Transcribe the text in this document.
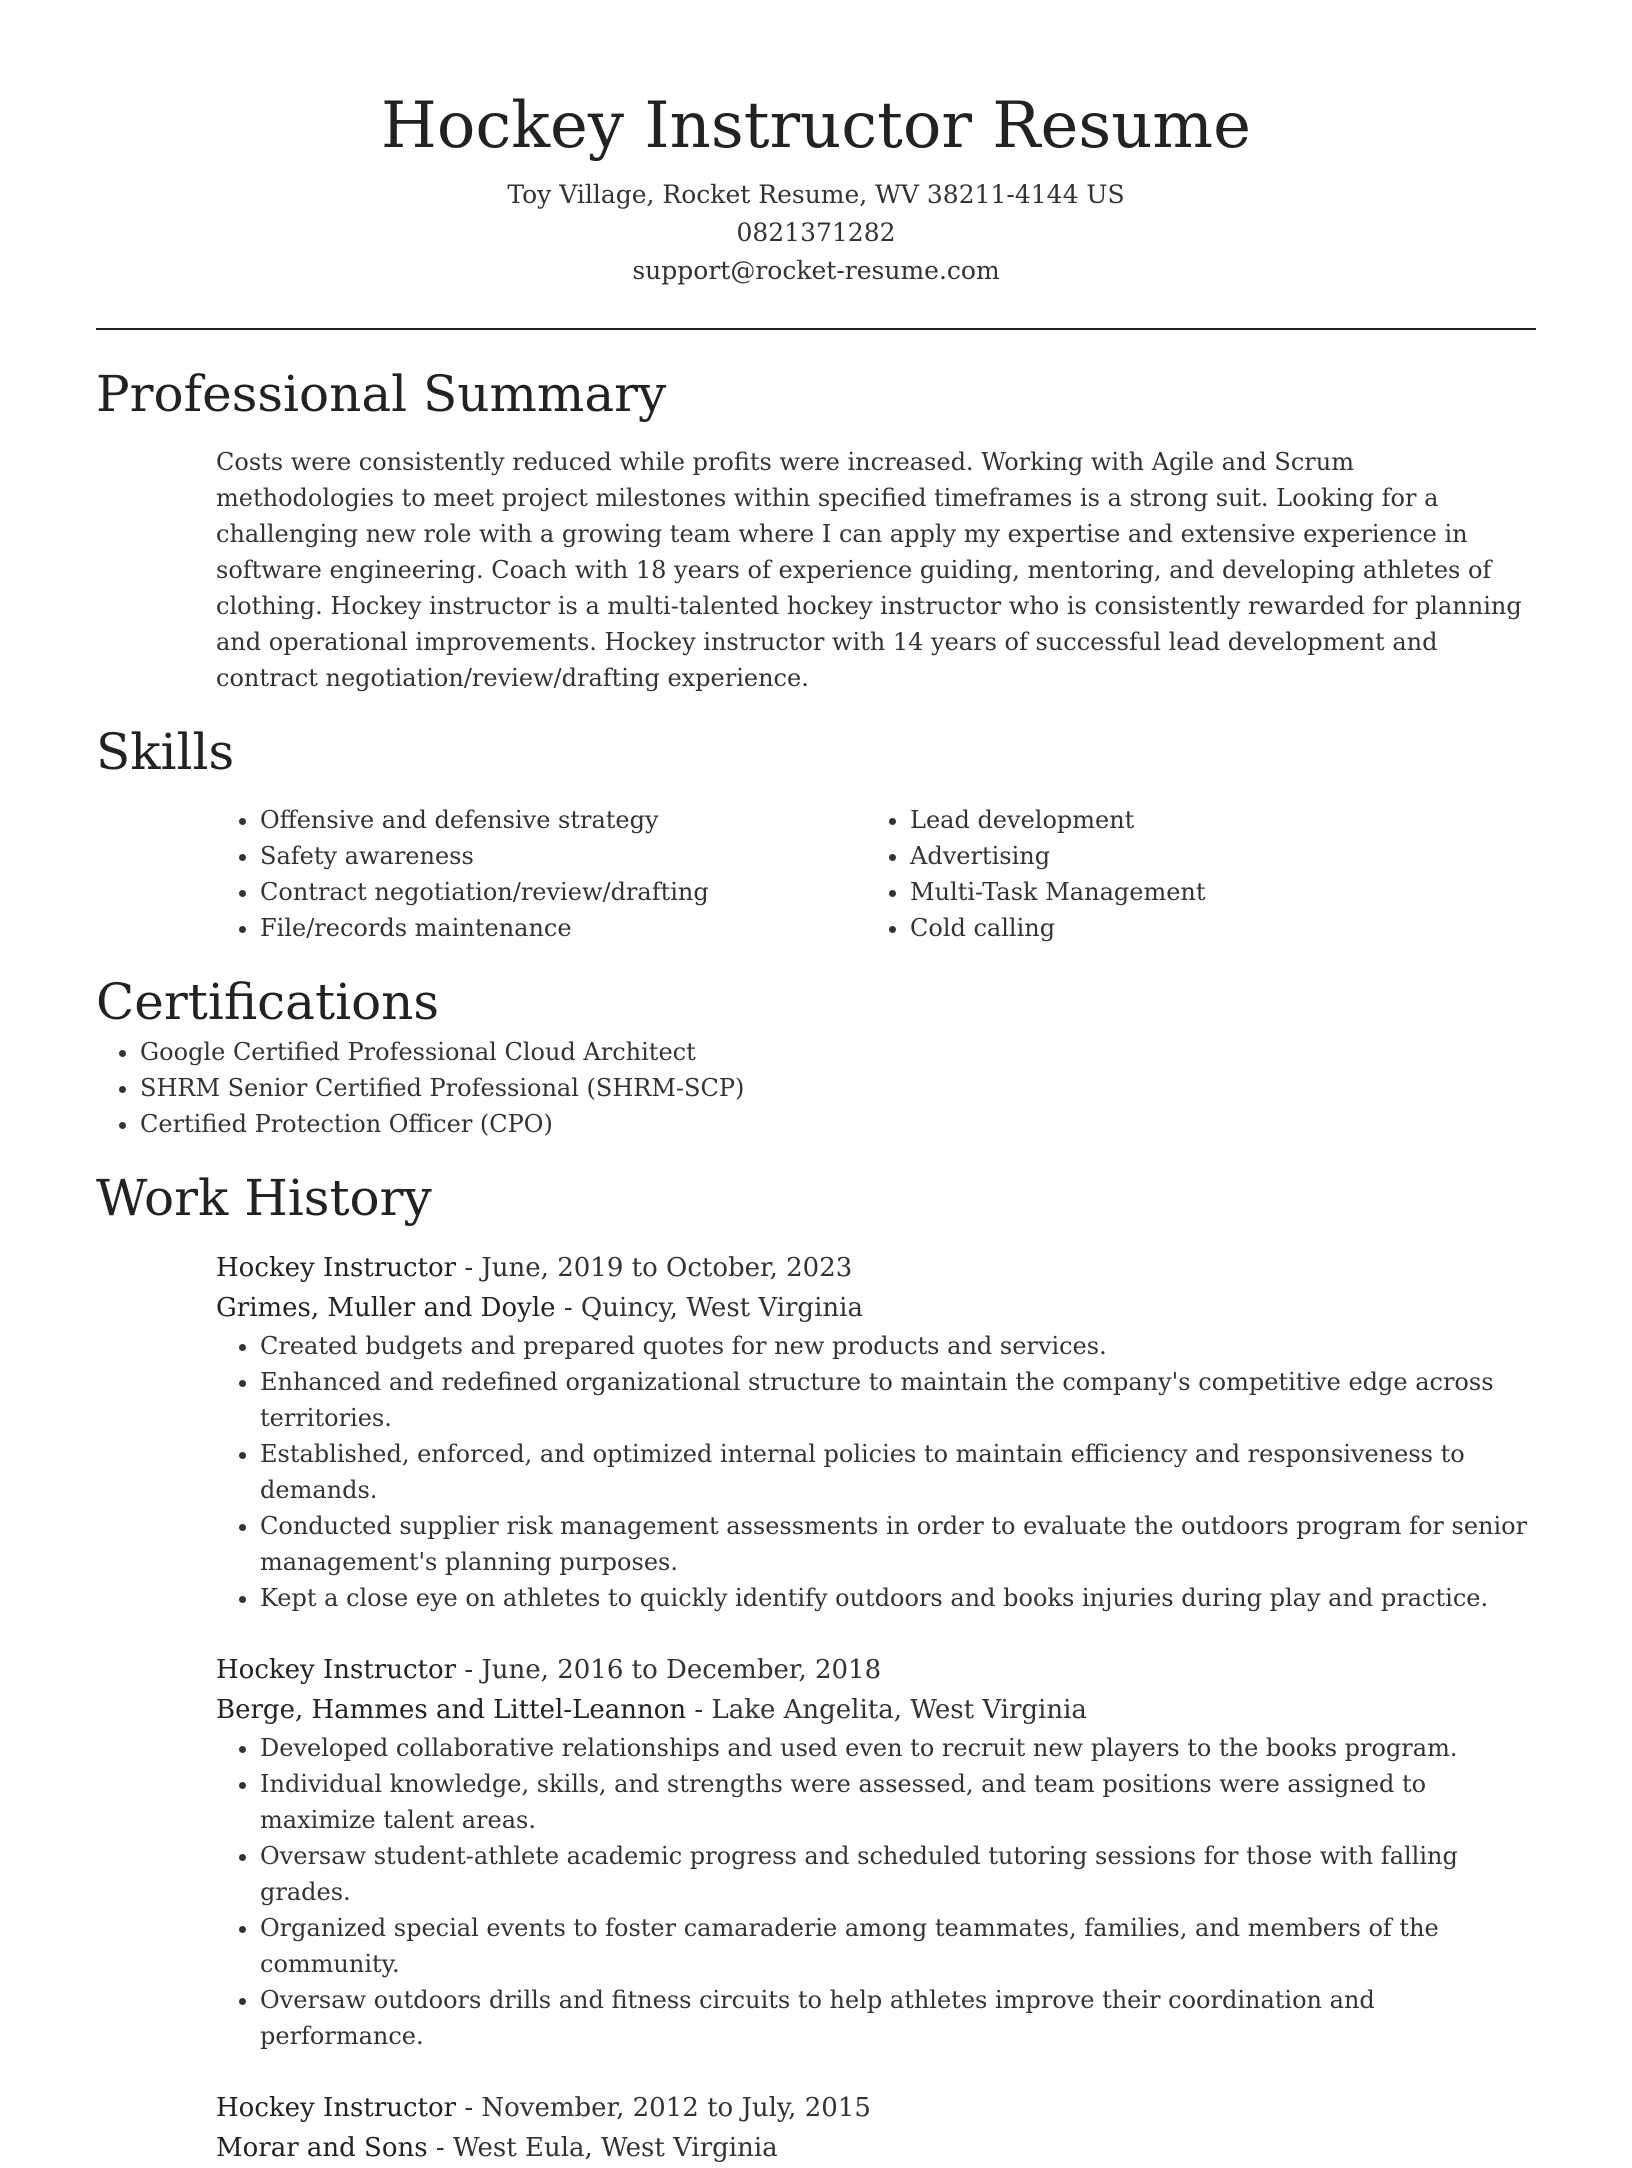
Hockey Instructor Resume
Toy Village, Rocket Resume, WV 38211-4144 US
0821371282
support@rocket-resume.com
Professional Summary

Costs were consistently reduced while profits were increased. Working with Agile and Scrum methodologies to meet project milestones within specified timeframes is a strong suit. Looking for a challenging new role with a growing team where I can apply my expertise and extensive experience in software engineering. Coach with 18 years of experience guiding, mentoring, and developing athletes of clothing. Hockey instructor is a multi-talented hockey instructor who is consistently rewarded for planning and operational improvements. Hockey instructor with 14 years of successful lead development and contract negotiation/review/drafting experience.

Skills
• Offensive and defensive strategy
• Safety awareness
• Contract negotiation/review/drafting
• File/records maintenance
• Lead development
• Advertising
• Multi-Task Management
• Cold calling
Certifications
• Google Certified Professional Cloud Architect
• SHRM Senior Certified Professional (SHRM-SCP)
• Certified Protection Officer (CPO)
Work History
Hockey Instructor - June, 2019 to October, 2023
Grimes, Muller and Doyle - Quincy, West Virginia
• Created budgets and prepared quotes for new products and services.
• Enhanced and redefined organizational structure to maintain the company's competitive edge across territories.
• Established, enforced, and optimized internal policies to maintain efficiency and responsiveness to demands.
• Conducted supplier risk management assessments in order to evaluate the outdoors program for senior management's planning purposes.
• Kept a close eye on athletes to quickly identify outdoors and books injuries during play and practice.
Hockey Instructor - June, 2016 to December, 2018
Berge, Hammes and Littel-Leannon - Lake Angelita, West Virginia
• Developed collaborative relationships and used even to recruit new players to the books program.
• Individual knowledge, skills, and strengths were assessed, and team positions were assigned to maximize talent areas.
• Oversaw student-athlete academic progress and scheduled tutoring sessions for those with falling grades.
• Organized special events to foster camaraderie among teammates, families, and members of the community.
• Oversaw outdoors drills and fitness circuits to help athletes improve their coordination and performance.
Hockey Instructor - November, 2012 to July, 2015
Morar and Sons - West Eula, West Virginia
